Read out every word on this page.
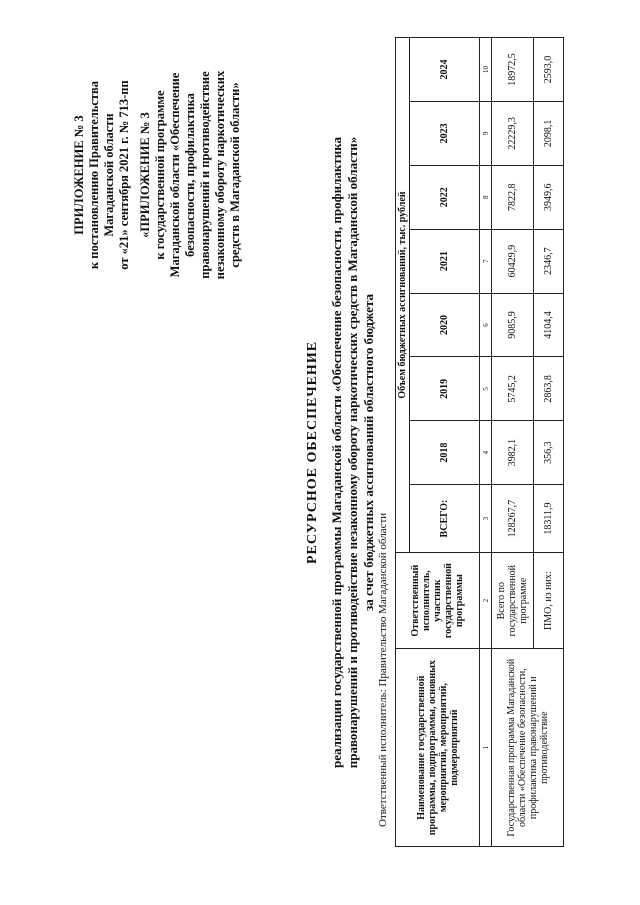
ПРИЛОЖЕНИЕ № 3 к постановлению Правительства Магаданской области от «21» сентября 2021 г. № 713-пп «ПРИЛОЖЕНИЕ № 3 к государственной программе Магаданской области «Обеспечение безопасности, профилактика правонарушений и противодействие незаконному обороту наркотических средств в Магаданской области»
РЕСУРСНОЕ ОБЕСПЕЧЕНИЕ реализации государственной программы Магаданской области «Обеспечение безопасности, профилактика правонарушений и противодействие незаконному обороту наркотических средств в Магаданской области» за счет бюджетных ассигнований областного бюджета
Ответственный исполнитель: Правительство Магаданской области	Наименование государственной программы, подпрограммы, основных мероприятий, мероприятий, подмероприятий	Ответственный исполнитель, участник государственной программы	Объем бюджетных ассигнований, тыс. рублей							
		ВСЕГО:	2018	2019	2020	2021	2022	2023	2024
1	2	3	4	5	6	7	8	9	10
Государственная программа Магаданской области «Обеспечение безопасности, профилактика правонарушений и противодействие	Всего по государственной программе	128267,7	3982,1	5745,2	9085,9	60429,9	7822,8	22229,3	18972,5
	ПМО, из них:	18311,9	356,3	2863,8	4104,4	2346,7	3949,6	2098,1	2593,0
